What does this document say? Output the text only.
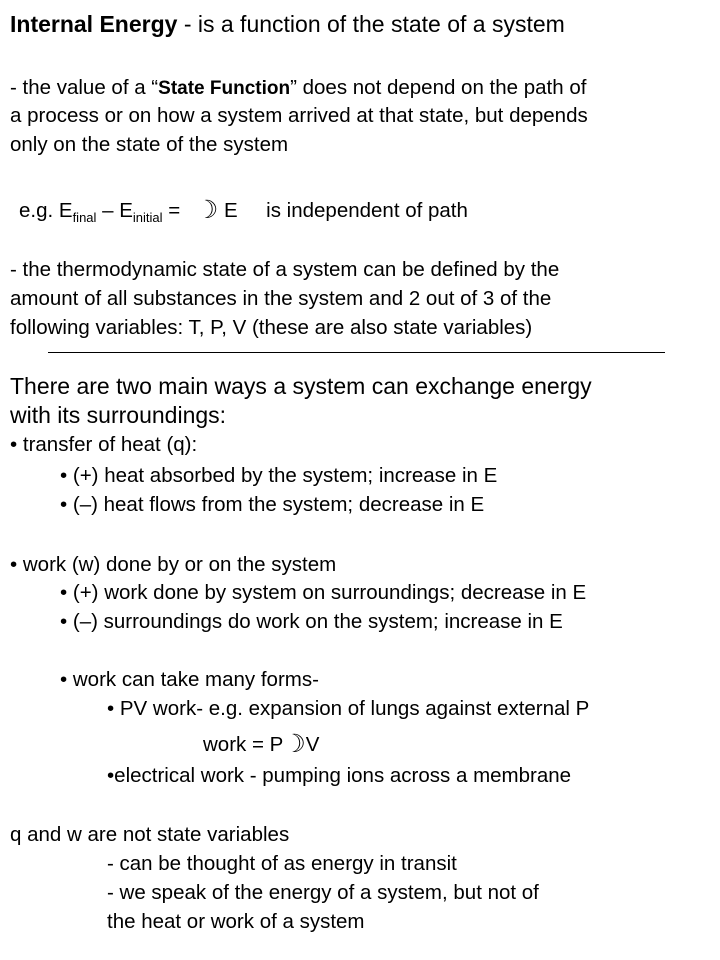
Internal Energy - is a function of the state of a system
- the value of a “State Function” does not depend on the path of
a process or on how a system arrived at that state, but depends
only on the state of the system
e.g. $E_{final} - E_{initial}$ = ☽ E     is independent of path
- the thermodynamic state of a system can be defined by the
amount of all substances in the system and 2 out of 3 of the
following variables: T, P, V (these are also state variables)
There are two main ways a system can exchange energy
with its surroundings:
• transfer of heat (q):
• (+) heat absorbed by the system; increase in E
• (–) heat flows from the system; decrease in E
• work (w) done by or on the system
• (+) work done by system on surroundings; decrease in E
• (–) surroundings do work on the system; increase in E
• work can take many forms-
• PV work- e.g. expansion of lungs against external P
work = P☽V
•electrical work - pumping ions across a membrane
q and w are not state variables
- can be thought of as energy in transit
- we speak of the energy of a system, but not of
the heat or work of a system
